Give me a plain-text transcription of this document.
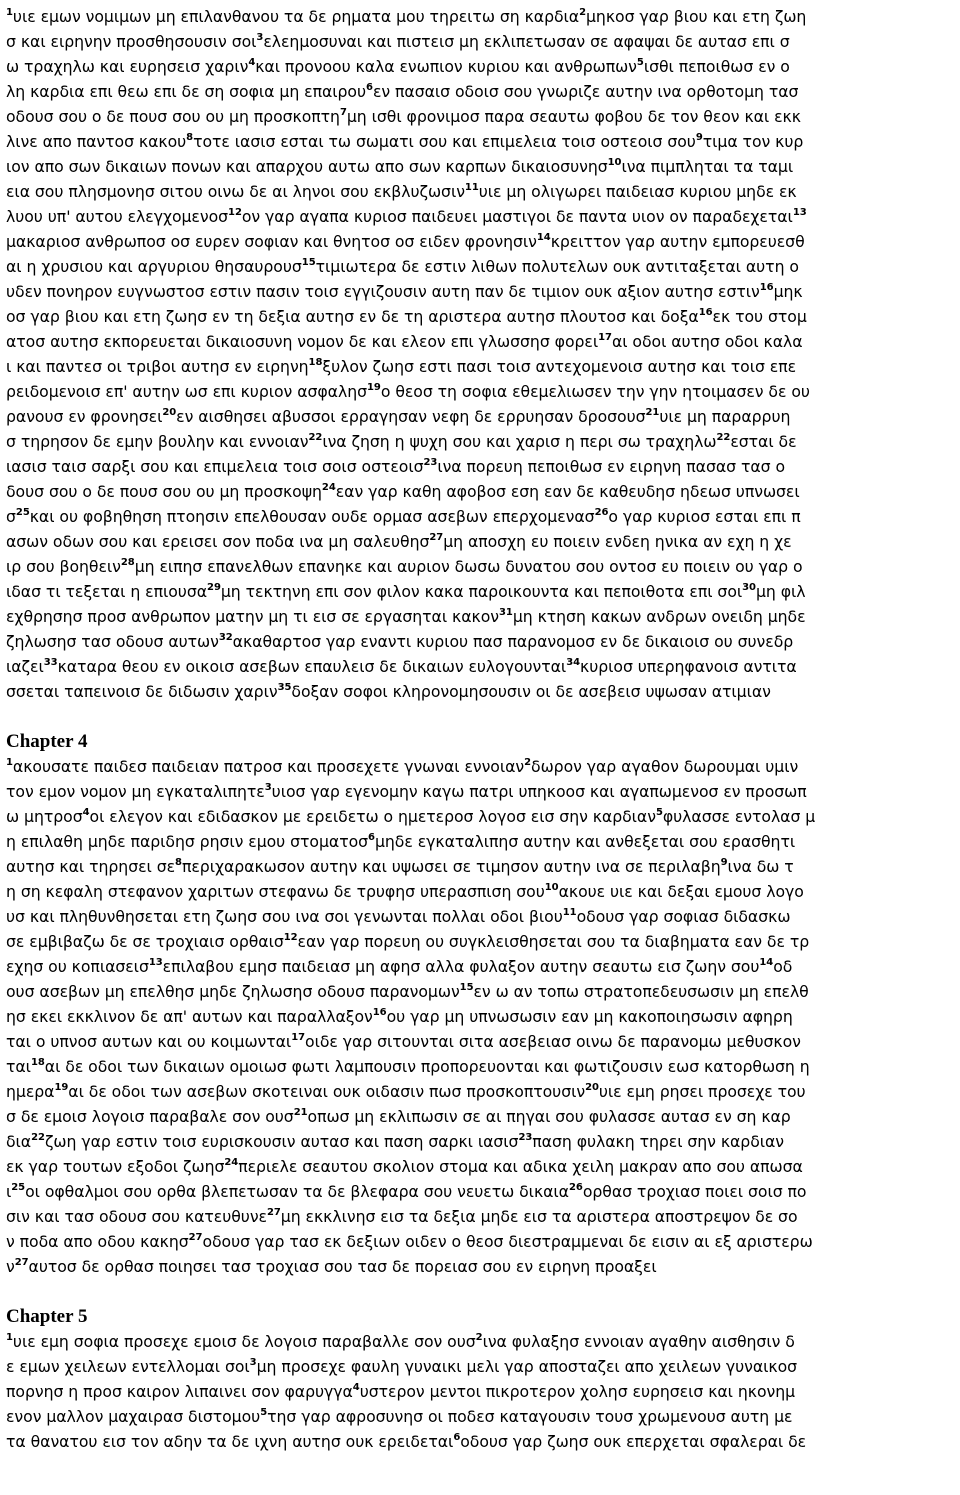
$^1$υιε εμων νομιμων μη επιλανθανου τα δε ρηματα μου τηρειτω ση καρδια$^2$μηκοσ γαρ βιου και ετη ζωη
σ και ειρηνην προσθησουσιν σοι$^3$ελεημοσυναι και πιστεισ μη εκλιπετωσαν σε αφαψαι δε αυτασ επι σ
ω τραχηλω και ευρησεισ χαριν$^4$και προνοου καλα ενωπιον κυριου και ανθρωπων$^5$ισθι πεποιθωσ εν ο
λη καρδια επι θεω επι δε ση σοφια μη επαιρου$^6$εν πασαισ οδοισ σου γνωριζε αυτην ινα ορθοτομη τασ
οδουσ σου ο δε πουσ σου ου μη προσκοπτη$^7$μη ισθι φρονιμοσ παρα σεαυτω φοβου δε τον θεον και εκκ
λινε απο παντοσ κακου$^8$τοτε ιασισ εσται τω σωματι σου και επιμελεια τοισ οστεοισ σου$^9$τιμα τον κυρ
ιον απο σων δικαιων πονων και απαρχου αυτω απο σων καρπων δικαιοσυνησ$^{10}$ινα πιμπληται τα ταμι
εια σου πλησμονησ σιτου οινω δε αι ληνοι σου εκβλυζωσιν$^{11}$υιε μη ολιγωρει παιδειασ κυριου μηδε εκ
λυου υπ' αυτου ελεγχομενοσ$^{12}$ον γαρ αγαπα κυριοσ παιδευει μαστιγοι δε παντα υιον ον παραδεχεται$^{13}$
μακαριοσ ανθρωποσ οσ ευρεν σοφιαν και θνητοσ οσ ειδεν φρονησιν$^{14}$κρειττον γαρ αυτην εμπορευεσθ
αι η χρυσιου και αργυριου θησαυρουσ$^{15}$τιμιωτερα δε εστιν λιθων πολυτελων ουκ αντιταξεται αυτη ο
υδεν πονηρον ευγνωστοσ εστιν πασιν τοισ εγγιζουσιν αυτη παν δε τιμιον ουκ αξιον αυτησ εστιν$^{16}$μηκ
οσ γαρ βιου και ετη ζωησ εν τη δεξια αυτησ εν δε τη αριστερα αυτησ πλουτοσ και δοξα$^{16}$εκ του στομ
ατοσ αυτησ εκπορευεται δικαιοσυνη νομον δε και ελεον επι γλωσσησ φορει$^{17}$αι οδοι αυτησ οδοι καλα
ι και παντεσ οι τριβοι αυτησ εν ειρηνη$^{18}$ξυλον ζωησ εστι πασι τοισ αντεχομενοισ αυτησ και τοισ επε
ρειδομενοισ επ' αυτην ωσ επι κυριον ασφαλησ$^{19}$ο θεοσ τη σοφια εθεμελιωσεν την γην ητοιμασεν δε ου
ρανουσ εν φρονησει$^{20}$εν αισθησει αβυσσοι ερραγησαν νεφη δε ερρυησαν δροσουσ$^{21}$υιε μη παραρρυη
σ τηρησον δε εμην βουλην και εννοιαν$^{22}$ινα ζηση η ψυχη σου και χαρισ η περι σω τραχηλω$^{22}$εσται δε
ιασισ ταισ σαρξι σου και επιμελεια τοισ σοισ οστεοισ$^{23}$ινα πορευη πεποιθωσ εν ειρηνη πασασ τασ ο
δουσ σου ο δε πουσ σου ου μη προσκοψη$^{24}$εαν γαρ καθη αφοβοσ εση εαν δε καθευδησ ηδεωσ υπνωσει
$\sigma^{25}\kappa\alpha\iota$ ου φοβηθηση πτοησιν επελθουσαν ουδε ορμασ ασεβων επερχομενασ$^{26}$ο γαρ κυριοσ εσται επι π
ασων οδων σου και ερεισει σον ποδα ινα μη σαλευθησ$^{27}$μη αποσχη ευ ποιειν ενδεη ηνικα αν εχη η χε
ιρ σου βοηθειν$^{28}$μη ειπησ επανελθων επανηκε και αυριον δωσω δυνατου σου οντοσ ευ ποιειν ου γαρ ο
ιδασ τι τεξεται η επιουσα$^{29}$μη τεκτηνη επι σον φιλον κακα παροικουντα και πεποιθοτα επι σοι$^{30}$μη φιλ
εχθρησησ προσ ανθρωπον ματην μη τι εισ σε εργασηται κακον$^{31}$μη κτηση κακων ανδρων ονειδη μηδε
ζηλωσησ τασ οδουσ αυτων$^{32}$ακαθαρτοσ γαρ εναντι κυριου πασ παρανομοσ εν δε δικαιοισ ου συνεδρ
ιαζει$^{33}$καταρα θεου εν οικοισ ασεβων επαυλεισ δε δικαιων ευλογουνται$^{34}$κυριοσ υπερηφανοισ αντιτα
σσεται ταπεινοισ δε διδωσιν χαριν$^{35}$δοξαν σοφοι κληρονομησουσιν οι δε ασεβεισ υψωσαν ατιμιαν
Chapter 4
$^1$ακουσατε παιδεσ παιδειαν πατροσ και προσεχετε γνωναι εννοιαν$^2$δωρον γαρ αγαθον δωρουμαι υμιν
τον εμον νομον μη εγκαταλιπητε$^3$υιοσ γαρ εγενομην καγω πατρι υπηκοοσ και αγαπωμενοσ εν προσωπ
ω μητροσ$^4$οι ελεγον και εδιδασκον με ερειδετω ο ημετεροσ λογοσ εισ σην καρδιαν$^5$φυλασσε εντολασ μ
η επιλαθη μηδε παριδησ ρησιν εμου στοματοσ$^6$μηδε εγκαταλιπησ αυτην και ανθεξεται σου ερασθητι
αυτησ και τηρησει $\sigma\varepsilon^8\pi\varepsilon\rho\iota\chi\alpha\rho\alpha\kappa\omega\sigma o\nu$ αυτην και υψωσει σε τιμησον αυτην ινα σε περιλαβη$^9$ινα δω τ
η ση κεφαλη στεφανον χαριτων στεφανω δε τρυφησ υπερασπιση σου$^{10}$ακουε υιε και δεξαι εμουσ λογο
υσ και πληθυνθησεται ετη ζωησ σου ινα σοι γενωνται πολλαι οδοι βιου$^{11}$οδουσ γαρ σοφιασ διδασκω
σε εμβιβαζω δε σε τροχιαισ ορθαισ$^{12}$εαν γαρ πορευη ου συγκλεισθησεται σου τα διαβηματα εαν δε τρ
εχησ ου κοπιασεισ$^{13}$επιλαβου εμησ παιδειασ μη αφησ αλλα φυλαξον αυτην σεαυτω εισ ζωην σου$^{14}$οδ
ουσ ασεβων μη επελθησ μηδε ζηλωσησ οδουσ παρανομων$^{15}$εν ω αν τοπω στρατοπεδευσωσιν μη επελθ
ησ εκει εκκλινον δε απ' αυτων και παραλλαξον$^{16}$ου γαρ μη υπνωσωσιν εαν μη κακοποιησωσιν αφηρη
ται ο υπνοσ αυτων και ου κοιμωνται$^{17}$οιδε γαρ σιτουνται σιτα ασεβειασ οινω δε παρανομω μεθυσκον
ται$^{18}$αι δε οδοι των δικαιων ομοιωσ φωτι λαμπουσιν προπορευονται και φωτιζουσιν εωσ κατορθωση η
ημερα$^{19}$αι δε οδοι των ασεβων σκοτειναι ουκ οιδασιν πωσ προσκοπτουσιν$^{20}$υιε εμη ρησει προσεχε του
σ δε εμοισ λογοισ παραβαλε σον ουσ$^{21}$οπωσ μη εκλιπωσιν σε αι πηγαι σου φυλασσε αυτασ εν ση καρ
δια$^{22}$ζωη γαρ εστιν τοισ ευρισκουσιν αυτασ και παση σαρκι ιασισ$^{23}$παση φυλακη τηρει σην καρδιαν
εκ γαρ τουτων εξοδοι ζωησ$^{24}$περιελε σεαυτου σκολιον στομα και αδικα χειλη μακραν απο σου απωσα
$\iota^{25}o\iota$ οφθαλμοι σου ορθα βλεπετωσαν τα δε βλεφαρα σου νευετω δικαια$^{26}$ορθασ τροχιασ ποιει σοισ πο
σιν και τασ οδουσ σου κατευθυνε$^{27}$μη εκκλινησ εισ τα δεξια μηδε εισ τα αριστερα αποστρεψον δε σο
ν ποδα απο οδου κακησ$^{27}$οδουσ γαρ τασ εκ δεξιων οιδεν ο θεοσ διεστραμμεναι δε εισιν αι εξ αριστερω
$\nu^{27}\alpha\upsilon\tau o\sigma$ δε ορθασ ποιησει τασ τροχιασ σου τασ δε πορειασ σου εν ειρηνη προαξει
Chapter 5
$^1$υιε εμη σοφια προσεχε εμοισ δε λογοισ παραβαλλε σον ουσ$^2$ινα φυλαξησ εννοιαν αγαθην αισθησιν δ
ε εμων χειλεων εντελλομαι σοι$^3$μη προσεχε φαυλη γυναικι μελι γαρ αποσταζει απο χειλεων γυναικοσ
πορνησ η προσ καιρον λιπαινει σον φαρυγγα$^4$υστερον μεντοι πικροτερον χολησ ευρησεισ και ηκονημ
ενον μαλλον μαχαιρασ διστομου$^5$τησ γαρ αφροσυνησ οι ποδεσ καταγουσιν τουσ χρωμενουσ αυτη με
τα θανατου εισ τον αδην τα δε ιχνη αυτησ ουκ ερειδεται$^6$οδουσ γαρ ζωησ ουκ επερχεται σφαλεραι δε
